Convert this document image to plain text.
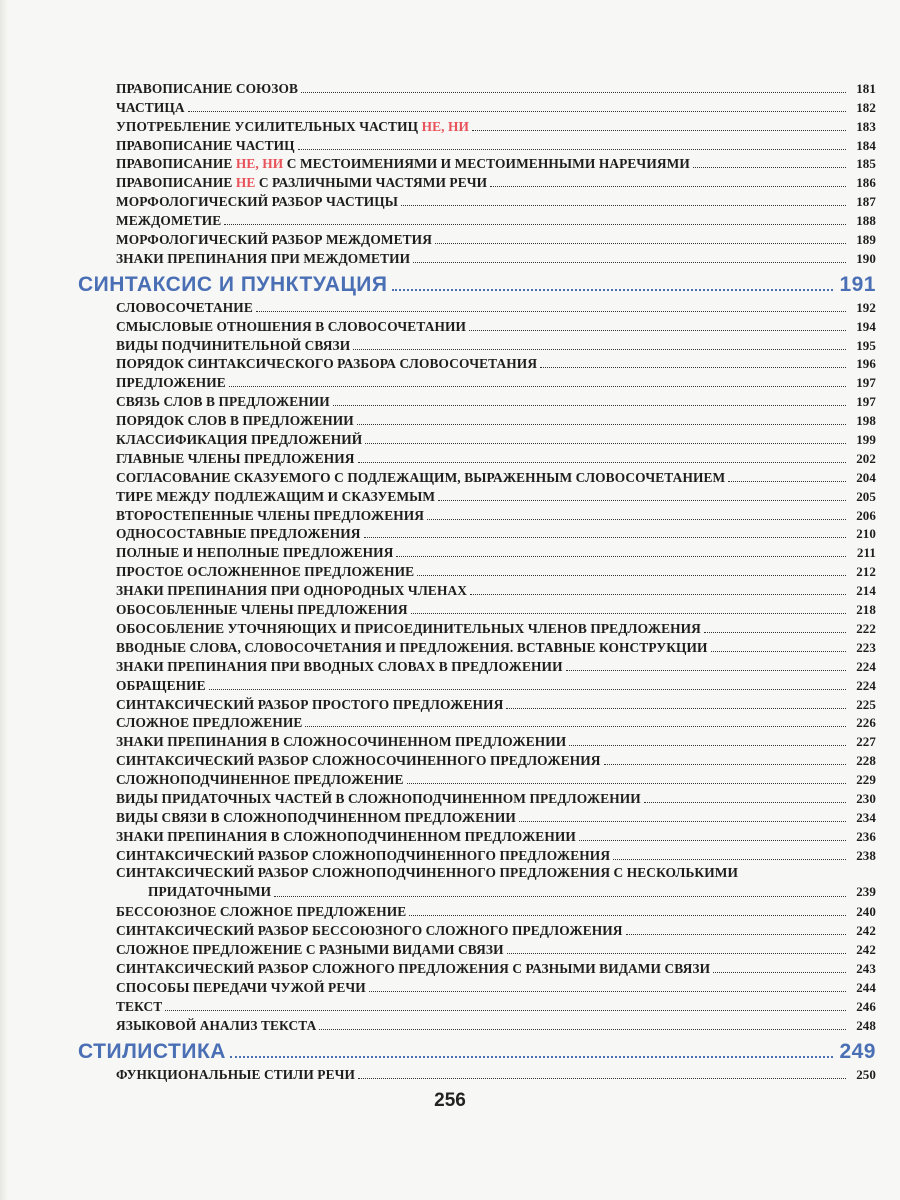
ПРАВОПИСАНИЕ СОЮЗОВ	181
ЧАСТИЦА	182
УПОТРЕБЛЕНИЕ УСИЛИТЕЛЬНЫХ ЧАСТИЦ НЕ, НИ	183
ПРАВОПИСАНИЕ ЧАСТИЦ	184
ПРАВОПИСАНИЕ НЕ, НИ С МЕСТОИМЕНИЯМИ И МЕСТОИМЕННЫМИ НАРЕЧИЯМИ	185
ПРАВОПИСАНИЕ НЕ С РАЗЛИЧНЫМИ ЧАСТЯМИ РЕЧИ	186
МОРФОЛОГИЧЕСКИЙ РАЗБОР ЧАСТИЦЫ	187
МЕЖДОМЕТИЕ	188
МОРФОЛОГИЧЕСКИЙ РАЗБОР МЕЖДОМЕТИЯ	189
ЗНАКИ ПРЕПИНАНИЯ ПРИ МЕЖДОМЕТИИ	190
СИНТАКСИС И ПУНКТУАЦИЯ	191
СЛОВОСОЧЕТАНИЕ	192
СМЫСЛОВЫЕ ОТНОШЕНИЯ В СЛОВОСОЧЕТАНИИ	194
ВИДЫ ПОДЧИНИТЕЛЬНОЙ СВЯЗИ	195
ПОРЯДОК СИНТАКСИЧЕСКОГО РАЗБОРА СЛОВОСОЧЕТАНИЯ	196
ПРЕДЛОЖЕНИЕ	197
СВЯЗЬ СЛОВ В ПРЕДЛОЖЕНИИ	197
ПОРЯДОК СЛОВ В ПРЕДЛОЖЕНИИ	198
КЛАССИФИКАЦИЯ ПРЕДЛОЖЕНИЙ	199
ГЛАВНЫЕ ЧЛЕНЫ ПРЕДЛОЖЕНИЯ	202
СОГЛАСОВАНИЕ СКАЗУЕМОГО С ПОДЛЕЖАЩИМ, ВЫРАЖЕННЫМ СЛОВОСОЧЕТАНИЕМ	204
ТИРЕ МЕЖДУ ПОДЛЕЖАЩИМ И СКАЗУЕМЫМ	205
ВТОРОСТЕПЕННЫЕ ЧЛЕНЫ ПРЕДЛОЖЕНИЯ	206
ОДНОСОСТАВНЫЕ ПРЕДЛОЖЕНИЯ	210
ПОЛНЫЕ И НЕПОЛНЫЕ ПРЕДЛОЖЕНИЯ	211
ПРОСТОЕ ОСЛОЖНЕННОЕ ПРЕДЛОЖЕНИЕ	212
ЗНАКИ ПРЕПИНАНИЯ ПРИ ОДНОРОДНЫХ ЧЛЕНАХ	214
ОБОСОБЛЕННЫЕ ЧЛЕНЫ ПРЕДЛОЖЕНИЯ	218
ОБОСОБЛЕНИЕ УТОЧНЯЮЩИХ И ПРИСОЕДИНИТЕЛЬНЫХ ЧЛЕНОВ ПРЕДЛОЖЕНИЯ	222
ВВОДНЫЕ СЛОВА, СЛОВОСОЧЕТАНИЯ И ПРЕДЛОЖЕНИЯ. ВСТАВНЫЕ КОНСТРУКЦИИ	223
ЗНАКИ ПРЕПИНАНИЯ ПРИ ВВОДНЫХ СЛОВАХ В ПРЕДЛОЖЕНИИ	224
ОБРАЩЕНИЕ	224
СИНТАКСИЧЕСКИЙ РАЗБОР ПРОСТОГО ПРЕДЛОЖЕНИЯ	225
СЛОЖНОЕ ПРЕДЛОЖЕНИЕ	226
ЗНАКИ ПРЕПИНАНИЯ В СЛОЖНОСОЧИНЕННОМ ПРЕДЛОЖЕНИИ	227
СИНТАКСИЧЕСКИЙ РАЗБОР СЛОЖНОСОЧИНЕННОГО ПРЕДЛОЖЕНИЯ	228
СЛОЖНОПОДЧИНЕННОЕ ПРЕДЛОЖЕНИЕ	229
ВИДЫ ПРИДАТОЧНЫХ ЧАСТЕЙ В СЛОЖНОПОДЧИНЕННОМ ПРЕДЛОЖЕНИИ	230
ВИДЫ СВЯЗИ В СЛОЖНОПОДЧИНЕННОМ ПРЕДЛОЖЕНИИ	234
ЗНАКИ ПРЕПИНАНИЯ В СЛОЖНОПОДЧИНЕННОМ ПРЕДЛОЖЕНИИ	236
СИНТАКСИЧЕСКИЙ РАЗБОР СЛОЖНОПОДЧИНЕННОГО ПРЕДЛОЖЕНИЯ	238
СИНТАКСИЧЕСКИЙ РАЗБОР СЛОЖНОПОДЧИНЕННОГО ПРЕДЛОЖЕНИЯ С НЕСКОЛЬКИМИ
ПРИДАТОЧНЫМИ	239
БЕССОЮЗНОЕ СЛОЖНОЕ ПРЕДЛОЖЕНИЕ	240
СИНТАКСИЧЕСКИЙ РАЗБОР БЕССОЮЗНОГО СЛОЖНОГО ПРЕДЛОЖЕНИЯ	242
СЛОЖНОЕ ПРЕДЛОЖЕНИЕ С РАЗНЫМИ ВИДАМИ СВЯЗИ	242
СИНТАКСИЧЕСКИЙ РАЗБОР СЛОЖНОГО ПРЕДЛОЖЕНИЯ С РАЗНЫМИ ВИДАМИ СВЯЗИ	243
СПОСОБЫ ПЕРЕДАЧИ ЧУЖОЙ РЕЧИ	244
ТЕКСТ	246
ЯЗЫКОВОЙ АНАЛИЗ ТЕКСТА	248
СТИЛИСТИКА	249
ФУНКЦИОНАЛЬНЫЕ СТИЛИ РЕЧИ	250
256
